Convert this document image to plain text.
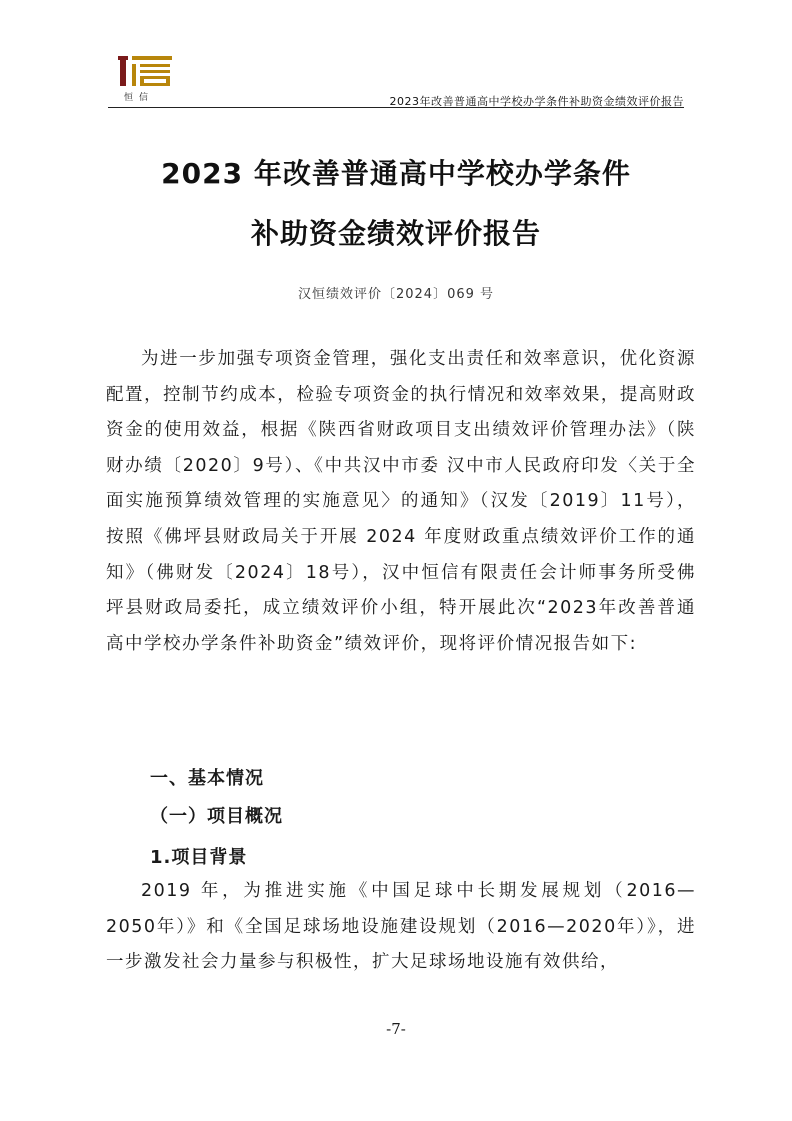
恒信	2023年改善普通高中学校办学条件补助资金绩效评价报告
2023 年改善普通高中学校办学条件
补助资金绩效评价报告
汉恒绩效评价〔2024〕069 号
为进一步加强专项资金管理，强化支出责任和效率意识，优化资源配置，控制节约成本，检验专项资金的执行情况和效率效果，提高财政资金的使用效益，根据《陕西省财政项目支出绩效评价管理办法》（陕财办绩〔2020〕9号）、《中共汉中市委 汉中市人民政府印发〈关于全面实施预算绩效管理的实施意见〉的通知》（汉发〔2019〕11号），按照《佛坪县财政局关于开展 2024 年度财政重点绩效评价工作的通知》（佛财发〔2024〕18号），汉中恒信有限责任会计师事务所受佛坪县财政局委托，成立绩效评价小组，特开展此次“2023年改善普通高中学校办学条件补助资金”绩效评价，现将评价情况报告如下:
一、基本情况
（一）项目概况
1.项目背景
2019 年，为推进实施《中国足球中长期发展规划（2016—2050年）》和《全国足球场地设施建设规划（2016—2020年）》，进一步激发社会力量参与积极性，扩大足球场地设施有效供给，
-7-
